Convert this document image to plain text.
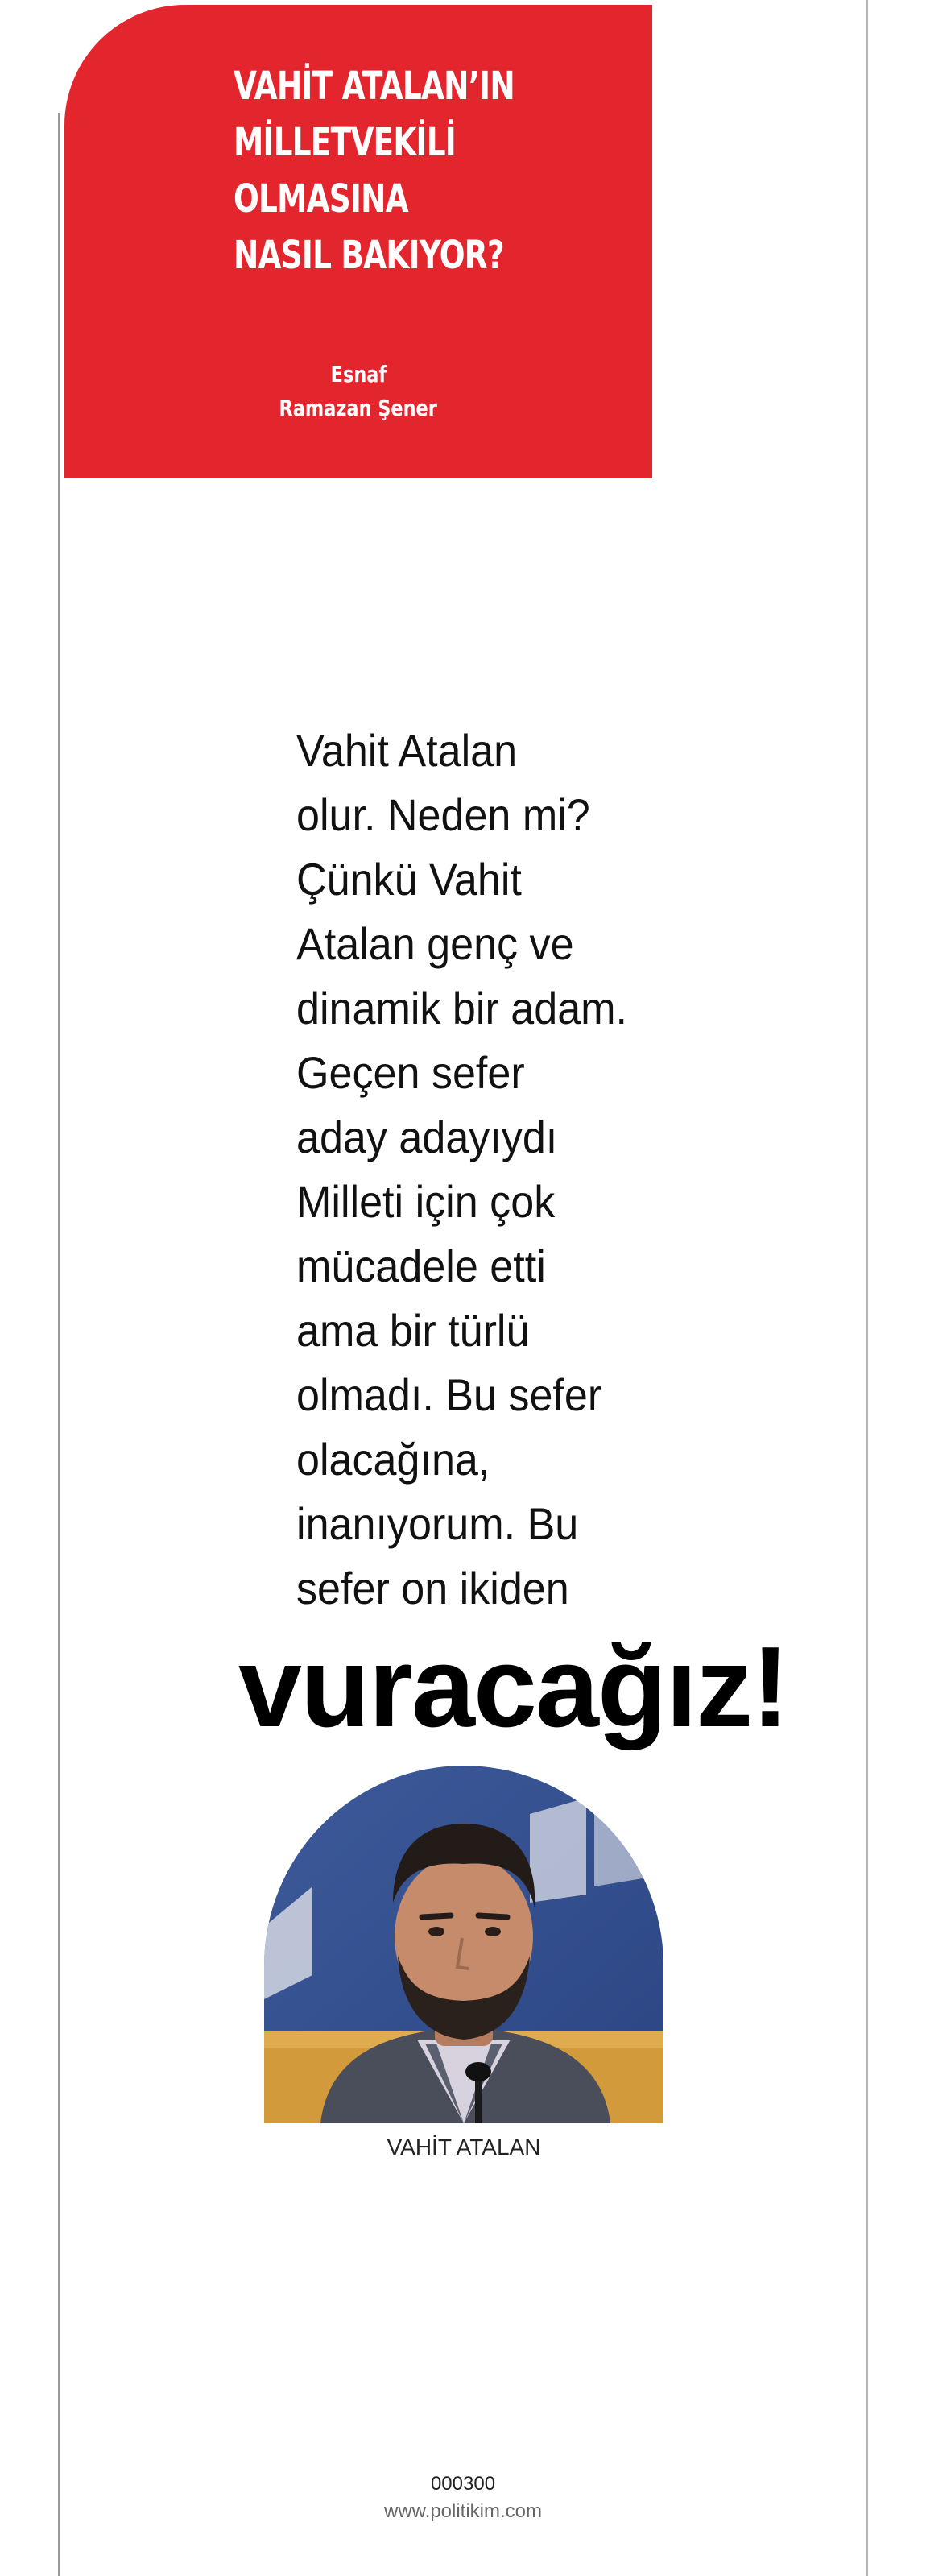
VAHİT ATALAN’IN
MİLLETVEKİLİ
OLMASINA
NASIL BAKIYOR?
Esnaf
Ramazan Şener
Vahit Atalan
olur. Neden mi?
Çünkü Vahit
Atalan genç ve
dinamik bir adam.
Geçen sefer
aday adayıydı
Milleti için çok
mücadele etti
ama bir türlü
olmadı. Bu sefer
olacağına,
inanıyorum. Bu
sefer on ikiden
vuracağız!
VAHİT ATALAN
000300
www.politikim.com
